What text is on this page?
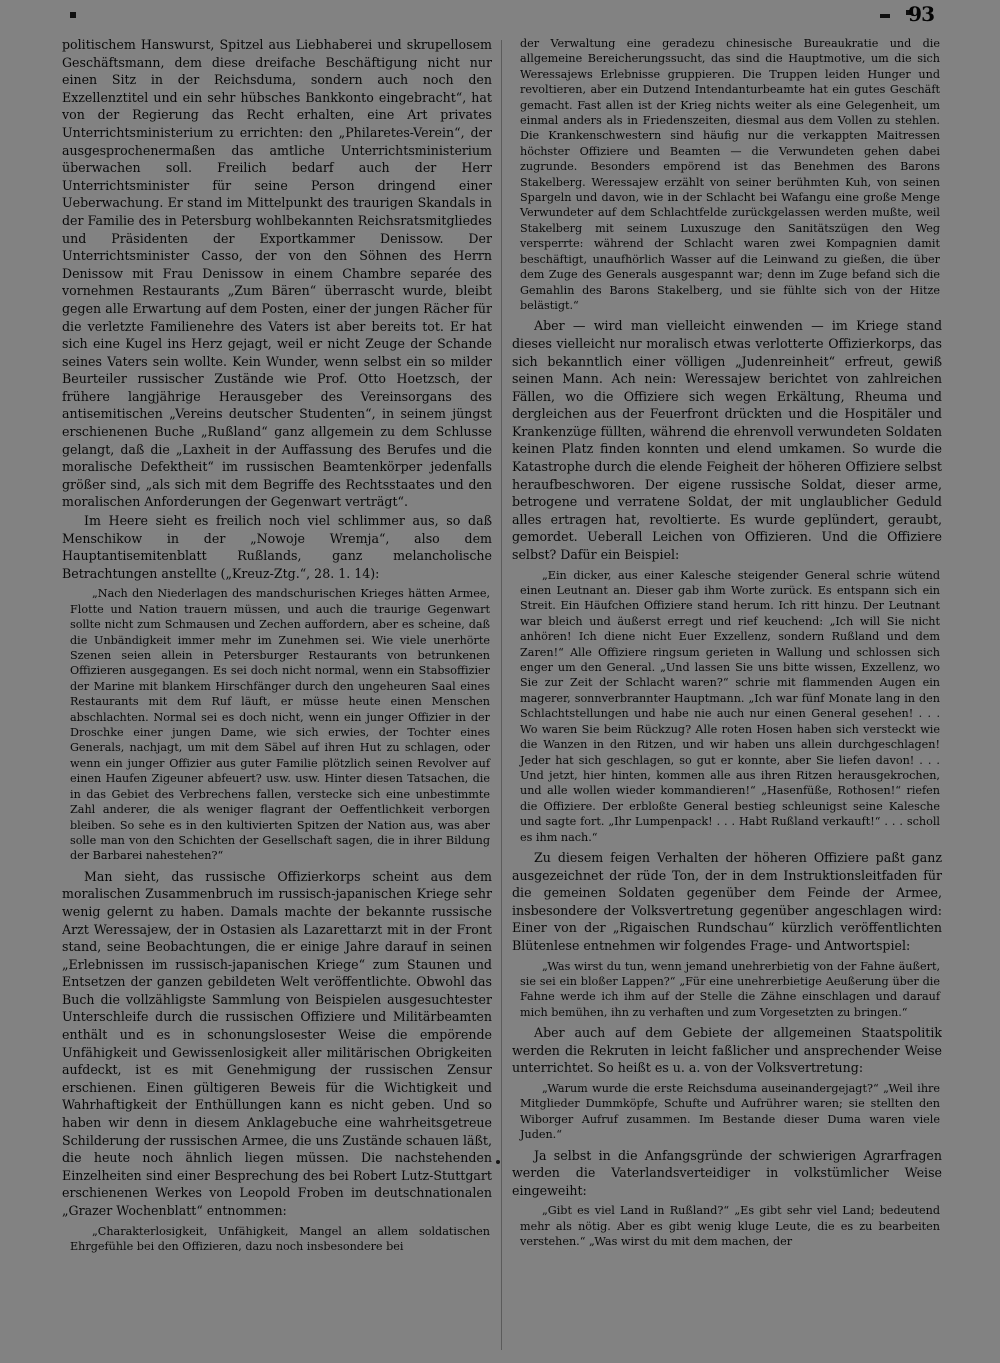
93

politischem Hanswurst, Spitzel aus Liebhaberei und skrupellosem Geschäftsmann, dem diese dreifache Beschäftigung nicht nur einen Sitz in der Reichsduma, sondern auch noch den Exzellenztitel und ein sehr hübsches Bankkonto eingebracht“, hat von der Regierung das Recht erhalten, eine Art privates Unterrichtsministerium zu errichten: den „Philaretes-Verein“, der ausgesprochenermaßen das amtliche Unterrichtsministerium überwachen soll. Freilich bedarf auch der Herr Unterrichtsminister für seine Person dringend einer Ueberwachung. Er stand im Mittelpunkt des traurigen Skandals in der Familie des in Petersburg wohlbekannten Reichsratsmitgliedes und Präsidenten der Exportkammer Denissow. Der Unterrichtsminister Casso, der von den Söhnen des Herrn Denissow mit Frau Denissow in einem Chambre separée des vornehmen Restaurants „Zum Bären“ überrascht wurde, bleibt gegen alle Erwartung auf dem Posten, einer der jungen Rächer für die verletzte Familienehre des Vaters ist aber bereits tot. Er hat sich eine Kugel ins Herz gejagt, weil er nicht Zeuge der Schande seines Vaters sein wollte. Kein Wunder, wenn selbst ein so milder Beurteiler russischer Zustände wie Prof. Otto Hoetzsch, der frühere langjährige Herausgeber des Vereinsorgans des antisemitischen „Vereins deutscher Studenten“, in seinem jüngst erschienenen Buche „Rußland“ ganz allgemein zu dem Schlusse gelangt, daß die „Laxheit in der Auffassung des Berufes und die moralische Defektheit“ im russischen Beamtenkörper jedenfalls größer sind, „als sich mit dem Begriffe des Rechtsstaates und den moralischen Anforderungen der Gegenwart verträgt“.

Im Heere sieht es freilich noch viel schlimmer aus, so daß Menschikow in der „Nowoje Wremja“, also dem Hauptantisemitenblatt Rußlands, ganz melancholische Betrachtungen anstellte („Kreuz-Ztg.“, 28. 1. 14):

„Nach den Niederlagen des mandschurischen Krieges hätten Armee, Flotte und Nation trauern müssen, und auch die traurige Gegenwart sollte nicht zum Schmausen und Zechen auffordern, aber es scheine, daß die Unbändigkeit immer mehr im Zunehmen sei. Wie viele unerhörte Szenen seien allein in Petersburger Restaurants von betrunkenen Offizieren ausgegangen. Es sei doch nicht normal, wenn ein Stabsoffizier der Marine mit blankem Hirschfänger durch den ungeheuren Saal eines Restaurants mit dem Ruf läuft, er müsse heute einen Menschen abschlachten. Normal sei es doch nicht, wenn ein junger Offizier in der Droschke einer jungen Dame, wie sich erwies, der Tochter eines Generals, nachjagt, um mit dem Säbel auf ihren Hut zu schlagen, oder wenn ein junger Offizier aus guter Familie plötzlich seinen Revolver auf einen Haufen Zigeuner abfeuert? usw. usw. Hinter diesen Tatsachen, die in das Gebiet des Verbrechens fallen, verstecke sich eine unbestimmte Zahl anderer, die als weniger flagrant der Oeffentlichkeit verborgen bleiben. So sehe es in den kultivierten Spitzen der Nation aus, was aber solle man von den Schichten der Gesellschaft sagen, die in ihrer Bildung der Barbarei nahestehen?“

Man sieht, das russische Offizierkorps scheint aus dem moralischen Zusammenbruch im russisch-japanischen Kriege sehr wenig gelernt zu haben. Damals machte der bekannte russische Arzt Weressajew, der in Ostasien als Lazarettarzt mit in der Front stand, seine Beobachtungen, die er einige Jahre darauf in seinen „Erlebnissen im russisch-japanischen Kriege“ zum Staunen und Entsetzen der ganzen gebildeten Welt veröffentlichte. Obwohl das Buch die vollzähligste Sammlung von Beispielen ausgesuchtester Unterschleife durch die russischen Offiziere und Militärbeamten enthält und es in schonungslosester Weise die empörende Unfähigkeit und Gewissenlosigkeit aller militärischen Obrigkeiten aufdeckt, ist es mit Genehmigung der russischen Zensur erschienen. Einen gültigeren Beweis für die Wichtigkeit und Wahrhaftigkeit der Enthüllungen kann es nicht geben. Und so haben wir denn in diesem Anklagebuche eine wahrheitsgetreue Schilderung der russischen Armee, die uns Zustände schauen läßt, die heute noch ähnlich liegen müssen. Die nachstehenden Einzelheiten sind einer Besprechung des bei Robert Lutz-Stuttgart erschienenen Werkes von Leopold Froben im deutschnationalen „Grazer Wochenblatt“ entnommen:

„Charakterlosigkeit, Unfähigkeit, Mangel an allem soldatischen Ehrgefühle bei den Offizieren, dazu noch insbesondere bei

der Verwaltung eine geradezu chinesische Bureaukratie und die allgemeine Bereicherungssucht, das sind die Hauptmotive, um die sich Weressajews Erlebnisse gruppieren. Die Truppen leiden Hunger und revoltieren, aber ein Dutzend Intendanturbeamte hat ein gutes Geschäft gemacht. Fast allen ist der Krieg nichts weiter als eine Gelegenheit, um einmal anders als in Friedenszeiten, diesmal aus dem Vollen zu stehlen. Die Krankenschwestern sind häufig nur die verkappten Maitressen höchster Offiziere und Beamten — die Verwundeten gehen dabei zugrunde. Besonders empörend ist das Benehmen des Barons Stakelberg. Weressajew erzählt von seiner berühmten Kuh, von seinen Spargeln und davon, wie in der Schlacht bei Wafangu eine große Menge Verwundeter auf dem Schlachtfelde zurückgelassen werden mußte, weil Stakelberg mit seinem Luxuszuge den Sanitätszügen den Weg versperrte: während der Schlacht waren zwei Kompagnien damit beschäftigt, unaufhörlich Wasser auf die Leinwand zu gießen, die über dem Zuge des Generals ausgespannt war; denn im Zuge befand sich die Gemahlin des Barons Stakelberg, und sie fühlte sich von der Hitze belästigt.“

Aber — wird man vielleicht einwenden — im Kriege stand dieses vielleicht nur moralisch etwas verlotterte Offizierkorps, das sich bekanntlich einer völligen „Judenreinheit“ erfreut, gewiß seinen Mann. Ach nein: Weressajew berichtet von zahlreichen Fällen, wo die Offiziere sich wegen Erkältung, Rheuma und dergleichen aus der Feuerfront drückten und die Hospitäler und Krankenzüge füllten, während die ehrenvoll verwundeten Soldaten keinen Platz finden konnten und elend umkamen. So wurde die Katastrophe durch die elende Feigheit der höheren Offiziere selbst heraufbeschworen. Der eigene russische Soldat, dieser arme, betrogene und verratene Soldat, der mit unglaublicher Geduld alles ertragen hat, revoltierte. Es wurde geplündert, geraubt, gemordet. Ueberall Leichen von Offizieren. Und die Offiziere selbst? Dafür ein Beispiel:

„Ein dicker, aus einer Kalesche steigender General schrie wütend einen Leutnant an. Dieser gab ihm Worte zurück. Es entspann sich ein Streit. Ein Häufchen Offiziere stand herum. Ich ritt hinzu. Der Leutnant war bleich und äußerst erregt und rief keuchend: „Ich will Sie nicht anhören! Ich diene nicht Euer Exzellenz, sondern Rußland und dem Zaren!“ Alle Offiziere ringsum gerieten in Wallung und schlossen sich enger um den General. „Und lassen Sie uns bitte wissen, Exzellenz, wo Sie zur Zeit der Schlacht waren?“ schrie mit flammenden Augen ein magerer, sonnverbrannter Hauptmann. „Ich war fünf Monate lang in den Schlachtstellungen und habe nie auch nur einen General gesehen! . . . Wo waren Sie beim Rückzug? Alle roten Hosen haben sich versteckt wie die Wanzen in den Ritzen, und wir haben uns allein durchgeschlagen! Jeder hat sich geschlagen, so gut er konnte, aber Sie liefen davon! . . . Und jetzt, hier hinten, kommen alle aus ihren Ritzen herausgekrochen, und alle wollen wieder kommandieren!“ „Hasenfüße, Rothosen!“ riefen die Offiziere. Der erbloßte General bestieg schleunigst seine Kalesche und sagte fort. „Ihr Lumpenpack! . . . Habt Rußland verkauft!“ . . . scholl es ihm nach.“

Zu diesem feigen Verhalten der höheren Offiziere paßt ganz ausgezeichnet der rüde Ton, der in dem Instruktionsleitfaden für die gemeinen Soldaten gegenüber dem Feinde der Armee, insbesondere der Volksvertretung gegenüber angeschlagen wird: Einer von der „Rigaischen Rundschau“ kürzlich veröffentlichten Blütenlese entnehmen wir folgendes Frage- und Antwortspiel:

„Was wirst du tun, wenn jemand unehrerbietig von der Fahne äußert, sie sei ein bloßer Lappen?“ „Für eine unehrerbietige Aeußerung über die Fahne werde ich ihm auf der Stelle die Zähne einschlagen und darauf mich bemühen, ihn zu verhaften und zum Vorgesetzten zu bringen.“

Aber auch auf dem Gebiete der allgemeinen Staatspolitik werden die Rekruten in leicht faßlicher und ansprechender Weise unterrichtet. So heißt es u. a. von der Volksvertretung:

„Warum wurde die erste Reichsduma auseinandergejagt?“ „Weil ihre Mitglieder Dummköpfe, Schufte und Aufrührer waren; sie stellten den Wiborger Aufruf zusammen. Im Bestande dieser Duma waren viele Juden.“

Ja selbst in die Anfangsgründe der schwierigen Agrarfragen werden die Vaterlandsverteidiger in volkstümlicher Weise eingeweiht:

„Gibt es viel Land in Rußland?“ „Es gibt sehr viel Land; bedeutend mehr als nötig. Aber es gibt wenig kluge Leute, die es zu bearbeiten verstehen.“ „Was wirst du mit dem machen, der
